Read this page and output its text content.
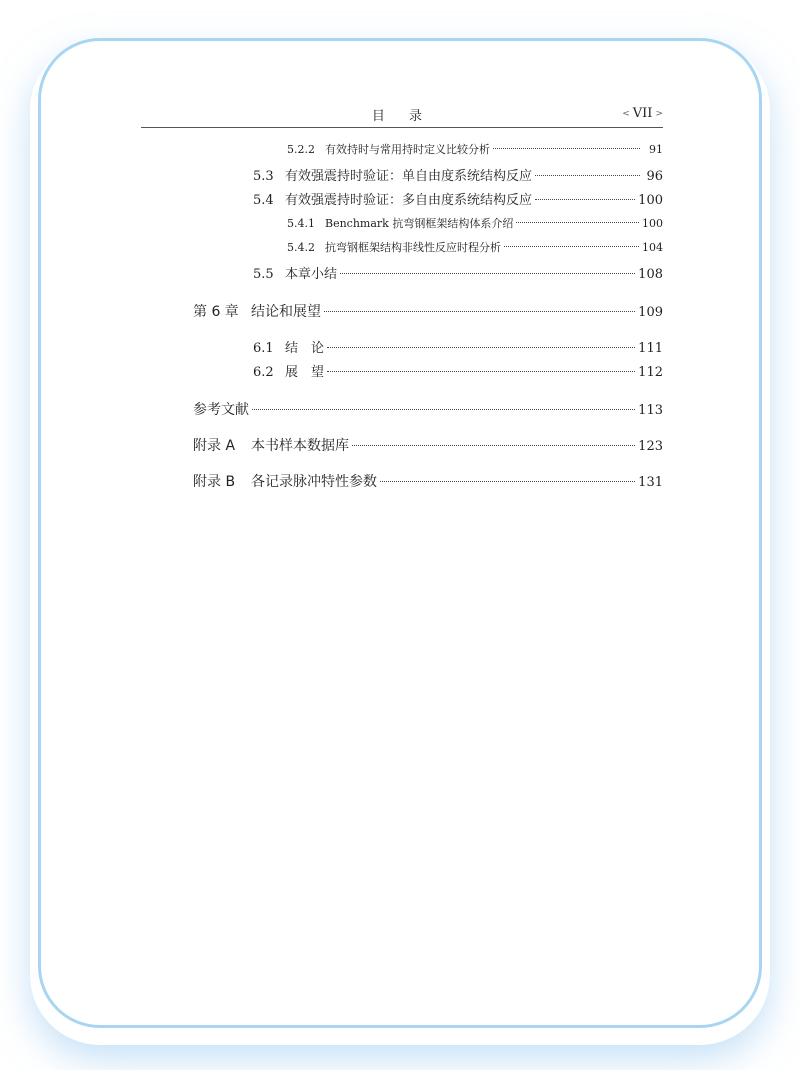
目 录	< VII >
5.2.2 有效持时与常用持时定义比较分析	91
5.3 有效强震持时验证：单自由度系统结构反应	96
5.4 有效强震持时验证：多自由度系统结构反应	100
5.4.1 Benchmark 抗弯钢框架结构体系介绍	100
5.4.2 抗弯钢框架结构非线性反应时程分析	104
5.5 本章小结	108
第 6 章 结论和展望	109
6.1 结　论	111
6.2 展　望	112
参考文献	113
附录 A	本书样本数据库	123
附录 B	各记录脉冲特性参数	131
